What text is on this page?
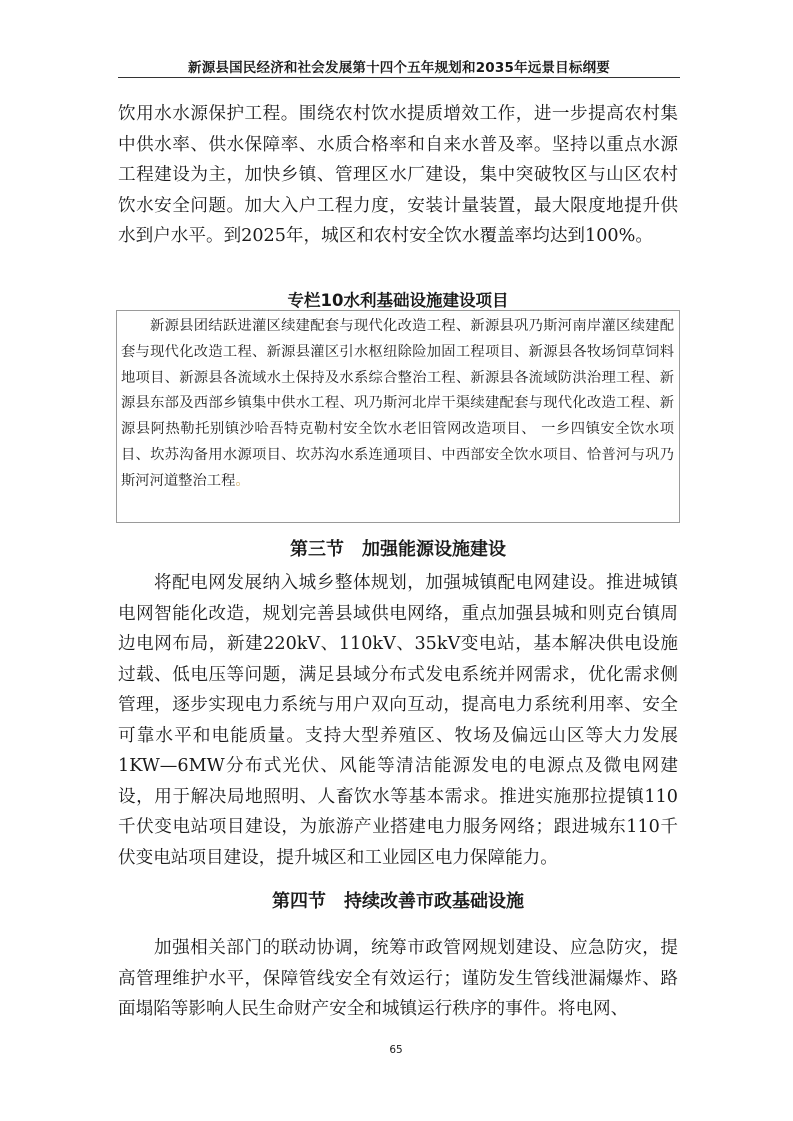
新源县国民经济和社会发展第十四个五年规划和2035年远景目标纲要

饮用水水源保护工程。围绕农村饮水提质增效工作，进一步提高农村集中供水率、供水保障率、水质合格率和自来水普及率。坚持以重点水源工程建设为主，加快乡镇、管理区水厂建设，集中突破牧区与山区农村饮水安全问题。加大入户工程力度，安装计量装置，最大限度地提升供水到户水平。到2025年，城区和农村安全饮水覆盖率均达到100%。

专栏10水利基础设施建设项目

新源县团结跃进灌区续建配套与现代化改造工程、新源县巩乃斯河南岸灌区续建配套与现代化改造工程、新源县灌区引水枢纽除险加固工程项目、新源县各牧场饲草饲料地项目、新源县各流域水土保持及水系综合整治工程、新源县各流域防洪治理工程、新源县东部及西部乡镇集中供水工程、巩乃斯河北岸干渠续建配套与现代化改造工程、新源县阿热勒托别镇沙哈吾特克勒村安全饮水老旧管网改造项目、 一乡四镇安全饮水项目、坎苏沟备用水源项目、坎苏沟水系连通项目、中西部安全饮水项目、恰普河与巩乃斯河河道整治工程。

第三节　加强能源设施建设

将配电网发展纳入城乡整体规划，加强城镇配电网建设。推进城镇电网智能化改造，规划完善县域供电网络，重点加强县城和则克台镇周边电网布局，新建220kV、110kV、35kV变电站，基本解决供电设施过载、低电压等问题，满足县域分布式发电系统并网需求，优化需求侧管理，逐步实现电力系统与用户双向互动，提高电力系统利用率、安全可靠水平和电能质量。支持大型养殖区、牧场及偏远山区等大力发展1KW—6MW分布式光伏、风能等清洁能源发电的电源点及微电网建设，用于解决局地照明、人畜饮水等基本需求。推进实施那拉提镇110千伏变电站项目建设，为旅游产业搭建电力服务网络；跟进城东110千伏变电站项目建设，提升城区和工业园区电力保障能力。

第四节　持续改善市政基础设施

加强相关部门的联动协调，统筹市政管网规划建设、应急防灾，提高管理维护水平，保障管线安全有效运行；谨防发生管线泄漏爆炸、路面塌陷等影响人民生命财产安全和城镇运行秩序的事件。将电网、

65
